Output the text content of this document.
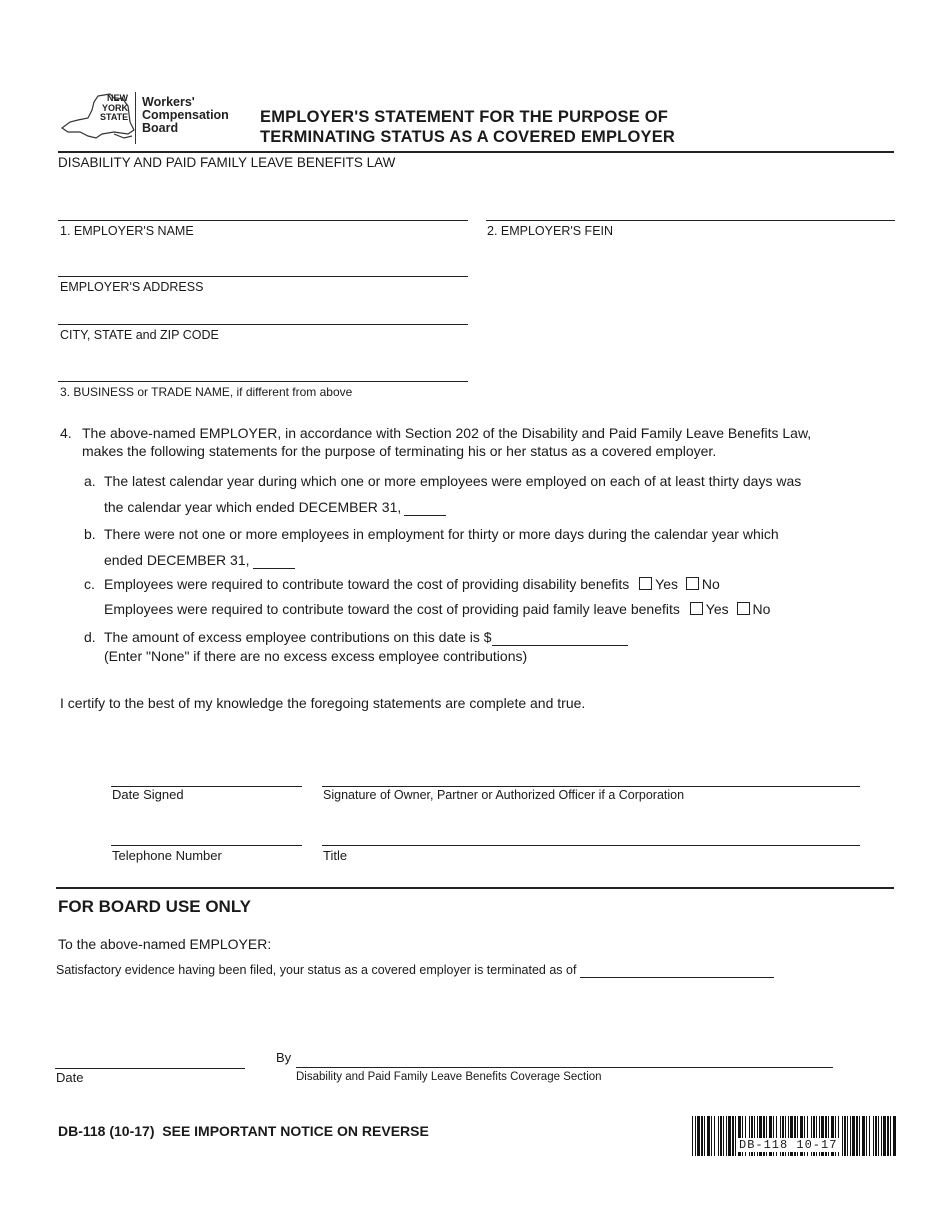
NEW
YORK
STATE
Workers'
Compensation
Board
EMPLOYER'S STATEMENT FOR THE PURPOSE OF
TERMINATING STATUS AS A COVERED EMPLOYER
DISABILITY AND PAID FAMILY LEAVE BENEFITS LAW
1. EMPLOYER'S NAME	2. EMPLOYER'S FEIN
EMPLOYER'S ADDRESS
CITY, STATE and ZIP CODE
3. BUSINESS or TRADE NAME, if different from above
4. The above-named EMPLOYER, in accordance with Section 202 of the Disability and Paid Family Leave Benefits Law,
makes the following statements for the purpose of terminating his or her status as a covered employer.
a. The latest calendar year during which one or more employees were employed on each of at least thirty days was
the calendar year which ended DECEMBER 31,
b. There were not one or more employees in employment for thirty or more days during the calendar year which
ended DECEMBER 31,
c. Employees were required to contribute toward the cost of providing disability benefits Yes No
Employees were required to contribute toward the cost of providing paid family leave benefits Yes No
d. The amount of excess employee contributions on this date is $
(Enter "None" if there are no excess excess employee contributions)
I certify to the best of my knowledge the foregoing statements are complete and true.
Date Signed	Signature of Owner, Partner or Authorized Officer if a Corporation
Telephone Number	Title
FOR BOARD USE ONLY
To the above-named EMPLOYER:
Satisfactory evidence having been filed, your status as a covered employer is terminated as of
Date
By
Disability and Paid Family Leave Benefits Coverage Section
DB-118 (10-17)  SEE IMPORTANT NOTICE ON REVERSE
DB-118 10-17
